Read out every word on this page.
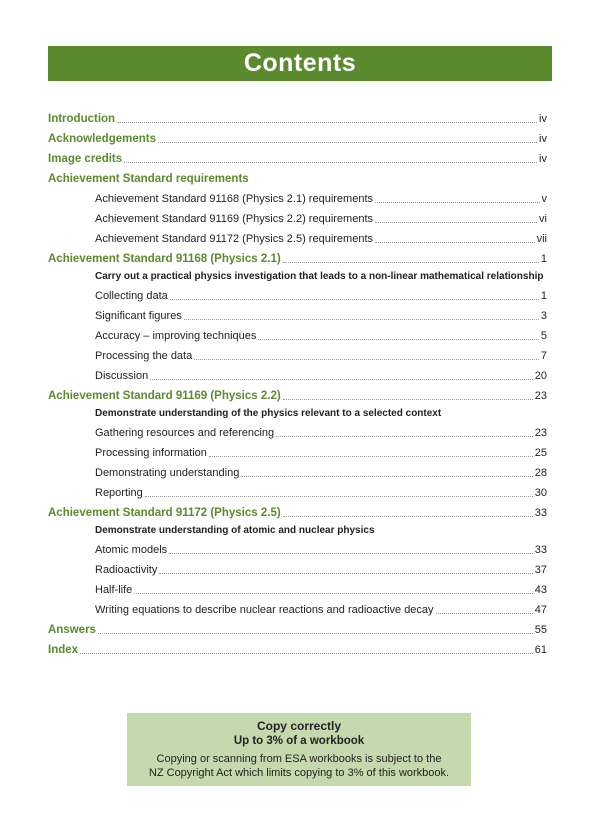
Contents
Introduction	iv
Acknowledgements	iv
Image credits	iv
Achievement Standard requirements
Achievement Standard 91168 (Physics 2.1) requirements	v
Achievement Standard 91169 (Physics 2.2) requirements	vi
Achievement Standard 91172 (Physics 2.5) requirements	vii
Achievement Standard 91168 (Physics 2.1)	1
Carry out a practical physics investigation that leads to a non-linear mathematical relationship
Collecting data	1
Significant figures	3
Accuracy – improving techniques	5
Processing the data	7
Discussion	20
Achievement Standard 91169 (Physics 2.2)	23
Demonstrate understanding of the physics relevant to a selected context
Gathering resources and referencing	23
Processing information	25
Demonstrating understanding	28
Reporting	30
Achievement Standard 91172 (Physics 2.5)	33
Demonstrate understanding of atomic and nuclear physics
Atomic models	33
Radioactivity	37
Half-life	43
Writing equations to describe nuclear reactions and radioactive decay	47
Answers	55
Index	61
Copy correctly
Up to 3% of a workbook
Copying or scanning from ESA workbooks is subject to the
NZ Copyright Act which limits copying to 3% of this workbook.
